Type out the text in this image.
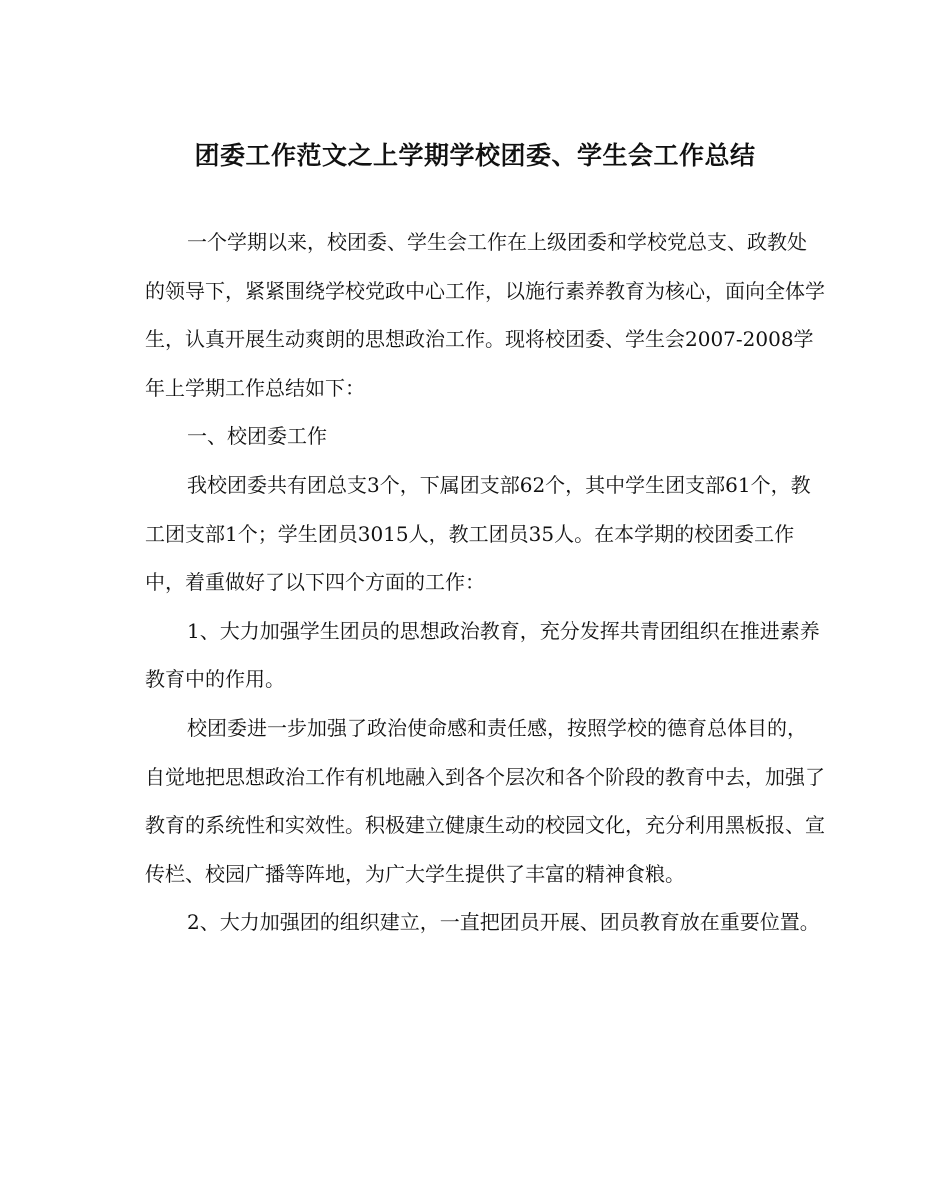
团委工作范文之上学期学校团委、学生会工作总结

一个学期以来，校团委、学生会工作在上级团委和学校党总支、政教处的领导下，紧紧围绕学校党政中心工作，以施行素养教育为核心，面向全体学生，认真开展生动爽朗的思想政治工作。现将校团委、学生会2007-2008学年上学期工作总结如下：

一、校团委工作

我校团委共有团总支3个，下属团支部62个，其中学生团支部61个，教工团支部1个；学生团员3015人，教工团员35人。在本学期的校团委工作中，着重做好了以下四个方面的工作：

1、大力加强学生团员的思想政治教育，充分发挥共青团组织在推进素养教育中的作用。

校团委进一步加强了政治使命感和责任感，按照学校的德育总体目的，自觉地把思想政治工作有机地融入到各个层次和各个阶段的教育中去，加强了教育的系统性和实效性。积极建立健康生动的校园文化，充分利用黑板报、宣传栏、校园广播等阵地，为广大学生提供了丰富的精神食粮。

2、大力加强团的组织建立，一直把团员开展、团员教育放在重要位置。
